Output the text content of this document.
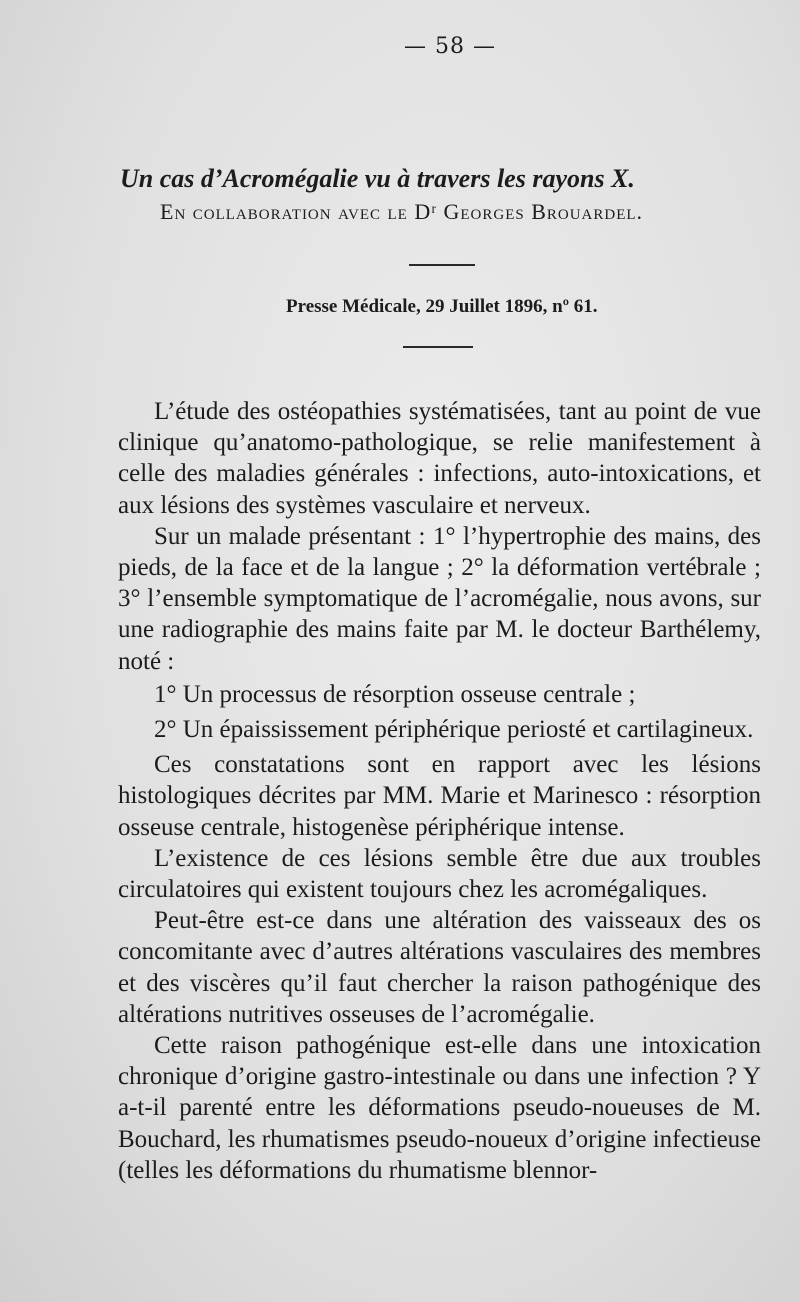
— 58 —
Un cas d’Acromégalie vu à travers les rayons X.
En collaboration avec le Dʳ Georges Brouardel.
Presse Médicale, 29 Juillet 1896, nº 61.

L’étude des ostéopathies systématisées, tant au point de vue clinique qu’anatomo-pathologique, se relie manifestement à celle des maladies générales : infections, auto-intoxications, et aux lésions des systèmes vasculaire et nerveux.

Sur un malade présentant : 1° l’hypertrophie des mains, des pieds, de la face et de la langue ; 2° la déformation vertébrale ; 3° l’ensemble symptomatique de l’acromégalie, nous avons, sur une radiographie des mains faite par M. le docteur Barthélemy, noté :

1° Un processus de résorption osseuse centrale ;

2° Un épaississement périphérique periosté et cartilagineux.

Ces constatations sont en rapport avec les lésions histologiques décrites par MM. Marie et Marinesco : résorption osseuse centrale, histogenèse périphérique intense.

L’existence de ces lésions semble être due aux troubles circulatoires qui existent toujours chez les acromégaliques.

Peut-être est-ce dans une altération des vaisseaux des os concomitante avec d’autres altérations vasculaires des membres et des viscères qu’il faut chercher la raison pathogénique des altérations nutritives osseuses de l’acromégalie.

Cette raison pathogénique est-elle dans une intoxication chronique d’origine gastro-intestinale ou dans une infection ? Y a-t-il parenté entre les déformations pseudo-noueuses de M. Bouchard, les rhumatismes pseudo-noueux d’origine infectieuse (telles les déformations du rhumatisme blennor-
